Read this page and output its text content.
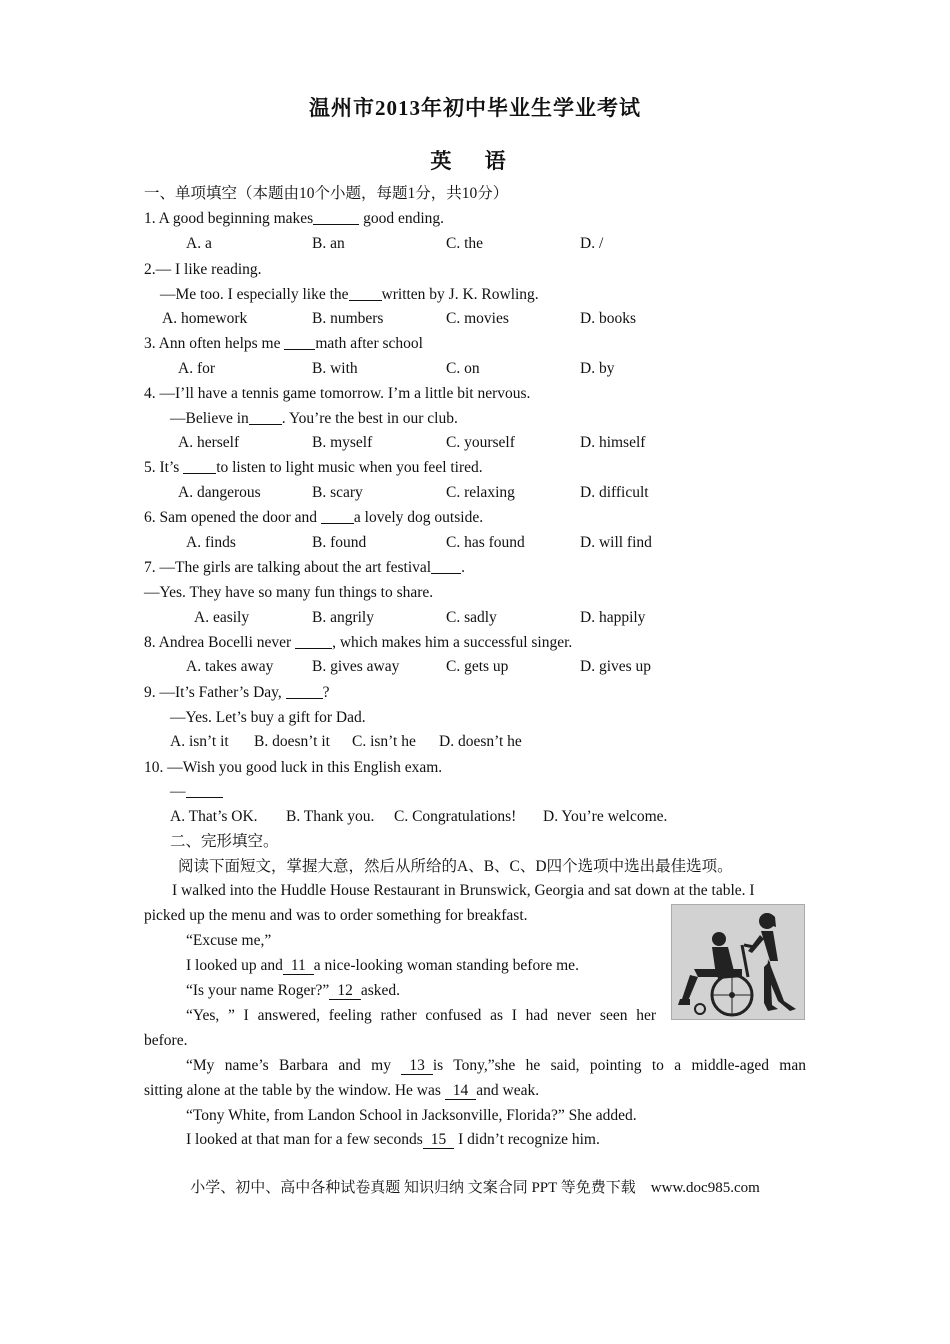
温州市2013年初中毕业生学业考试
英 语
一、单项填空（本题由10个小题，每题1分，共10分）
1. A good beginning makes	good ending.
A. a	B. an	C. the	D. /
2.— I like reading.
—Me too. I especially like the written by J. K. Rowling.
A. homework	B. numbers	C. movies	D. books
3. Ann often helps me math after school
A. for	B. with	C. on	D. by
4. —I’ll have a tennis game tomorrow. I’m a little bit nervous.
—Believe in . You’re the best in our club.
A. herself	B. myself	C. yourself	D. himself
5. It’s to listen to light music when you feel tired.
A. dangerous	B. scary	C. relaxing	D. difficult
6. Sam opened the door and a lovely dog outside.
A. finds	B. found	C. has found	D. will find
7. —The girls are talking about the art festival .
—Yes. They have so many fun things to share.
A. easily	B. angrily	C. sadly	D. happily
8. Andrea Bocelli never , which makes him a successful singer.
A. takes away B. gives away	C. gets up	D. gives up
9. —It’s Father’s Day, ?
—Yes. Let’s buy a gift for Dad.
A. isn’t it B. doesn’t it C. isn’t he D. doesn’t he
10. —Wish you good luck in this English exam.
—
A. That’s OK. B. Thank you. C. Congratulations! D. You’re welcome.
二、完形填空。
阅读下面短文，掌握大意，然后从所给的A、B、C、D四个选项中选出最佳选项。
I walked into the Huddle House Restaurant in Brunswick, Georgia and sat down at the table. I
picked up the menu and was to order something for breakfast.
“Excuse me,”
I looked up and 11 a nice-looking woman standing before me.
“Is your name Roger?” 12 asked.
“Yes, ” I answered, feeling rather confused as I had never seen her
before.
“My name’s Barbara and my 13 is Tony,”she he said, pointing to a middle-aged man
sitting alone at the table by the window. He was 14 and weak.
“Tony White, from Landon School in Jacksonville, Florida?” She added.
I looked at that man for a few seconds 15 I didn’t recognize him.
小学、初中、高中各种试卷真题 知识归纳 文案合同 PPT 等免费下载　www.doc985.com
